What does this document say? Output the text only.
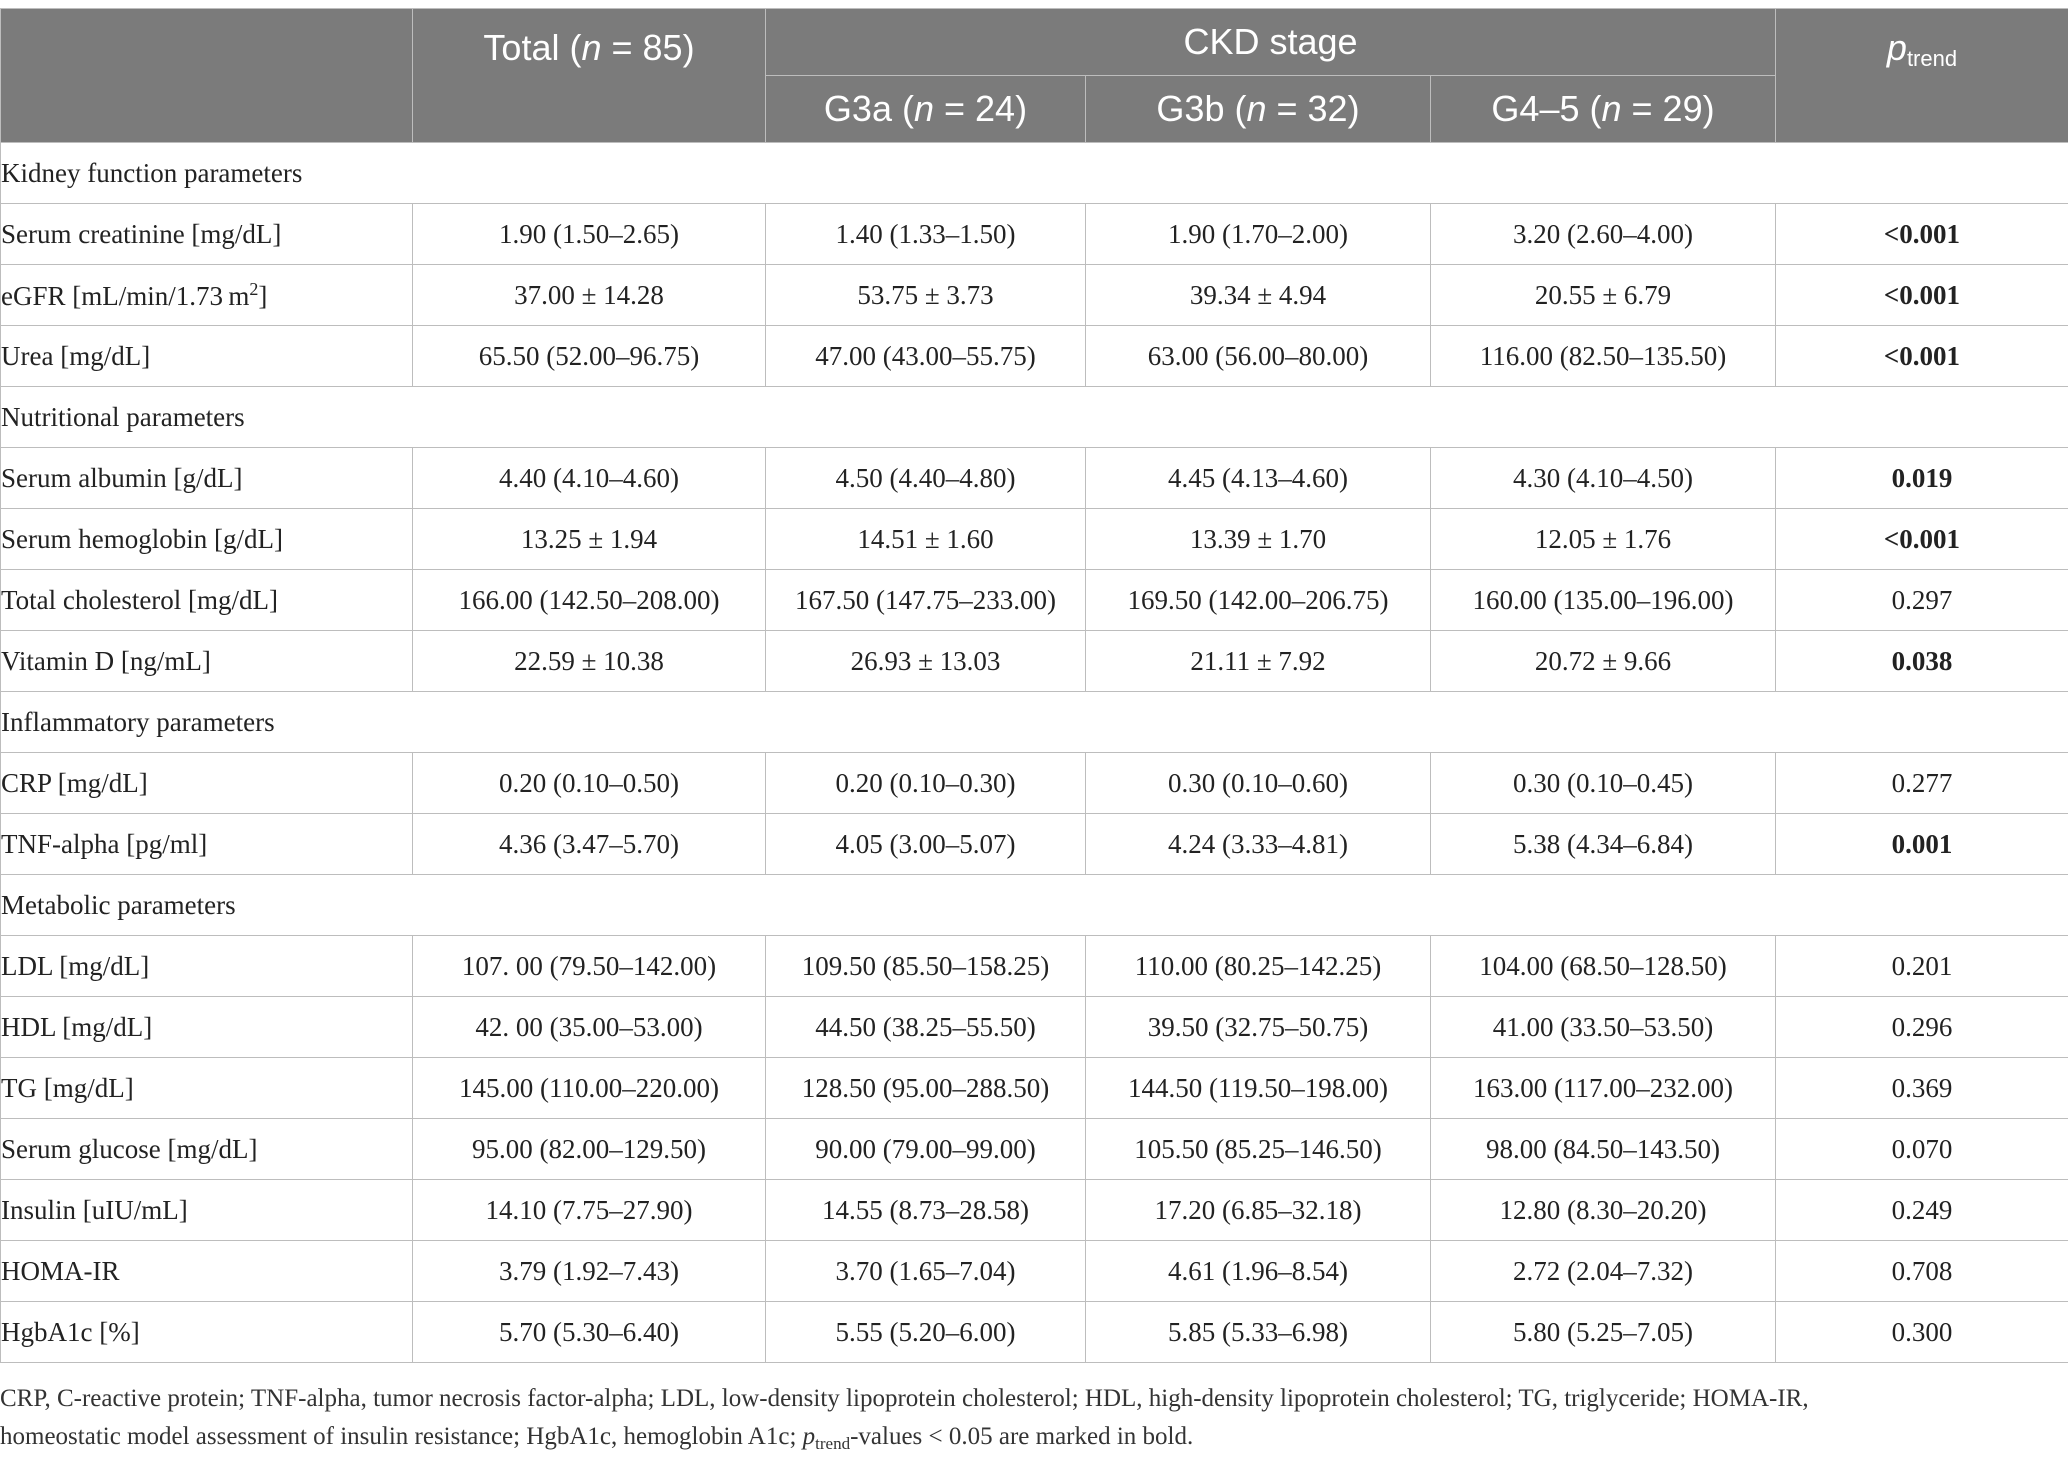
	Total (n = 85)	CKD stage			$p_{trend}$
		G3a (n = 24)	G3b (n = 32)	G4–5 (n = 29)	
Kidney function parameters					
Serum creatinine [mg/dL]	1.90 (1.50–2.65)	1.40 (1.33–1.50)	1.90 (1.70–2.00)	3.20 (2.60–4.00)	<0.001
eGFR [mL/min/1.73 $m^2$]	37.00 ± 14.28	53.75 ± 3.73	39.34 ± 4.94	20.55 ± 6.79	<0.001
Urea [mg/dL]	65.50 (52.00–96.75)	47.00 (43.00–55.75)	63.00 (56.00–80.00)	116.00 (82.50–135.50)	<0.001
Nutritional parameters					
Serum albumin [g/dL]	4.40 (4.10–4.60)	4.50 (4.40–4.80)	4.45 (4.13–4.60)	4.30 (4.10–4.50)	0.019
Serum hemoglobin [g/dL]	13.25 ± 1.94	14.51 ± 1.60	13.39 ± 1.70	12.05 ± 1.76	<0.001
Total cholesterol [mg/dL]	166.00 (142.50–208.00)	167.50 (147.75–233.00)	169.50 (142.00–206.75)	160.00 (135.00–196.00)	0.297
Vitamin D [ng/mL]	22.59 ± 10.38	26.93 ± 13.03	21.11 ± 7.92	20.72 ± 9.66	0.038
Inflammatory parameters					
CRP [mg/dL]	0.20 (0.10–0.50)	0.20 (0.10–0.30)	0.30 (0.10–0.60)	0.30 (0.10–0.45)	0.277
TNF-alpha [pg/ml]	4.36 (3.47–5.70)	4.05 (3.00–5.07)	4.24 (3.33–4.81)	5.38 (4.34–6.84)	0.001
Metabolic parameters					
LDL [mg/dL]	107. 00 (79.50–142.00)	109.50 (85.50–158.25)	110.00 (80.25–142.25)	104.00 (68.50–128.50)	0.201
HDL [mg/dL]	42. 00 (35.00–53.00)	44.50 (38.25–55.50)	39.50 (32.75–50.75)	41.00 (33.50–53.50)	0.296
TG [mg/dL]	145.00 (110.00–220.00)	128.50 (95.00–288.50)	144.50 (119.50–198.00)	163.00 (117.00–232.00)	0.369
Serum glucose [mg/dL]	95.00 (82.00–129.50)	90.00 (79.00–99.00)	105.50 (85.25–146.50)	98.00 (84.50–143.50)	0.070
Insulin [uIU/mL]	14.10 (7.75–27.90)	14.55 (8.73–28.58)	17.20 (6.85–32.18)	12.80 (8.30–20.20)	0.249
HOMA-IR	3.79 (1.92–7.43)	3.70 (1.65–7.04)	4.61 (1.96–8.54)	2.72 (2.04–7.32)	0.708
HgbA1c [%]	5.70 (5.30–6.40)	5.55 (5.20–6.00)	5.85 (5.33–6.98)	5.80 (5.25–7.05)	0.300
CRP, C-reactive protein; TNF-alpha, tumor necrosis factor-alpha; LDL, low-density lipoprotein cholesterol; HDL, high-density lipoprotein cholesterol; TG, triglyceride; HOMA-IR,
homeostatic model assessment of insulin resistance; HgbA1c, hemoglobin A1c; $p_{trend}$-values < 0.05 are marked in bold.
